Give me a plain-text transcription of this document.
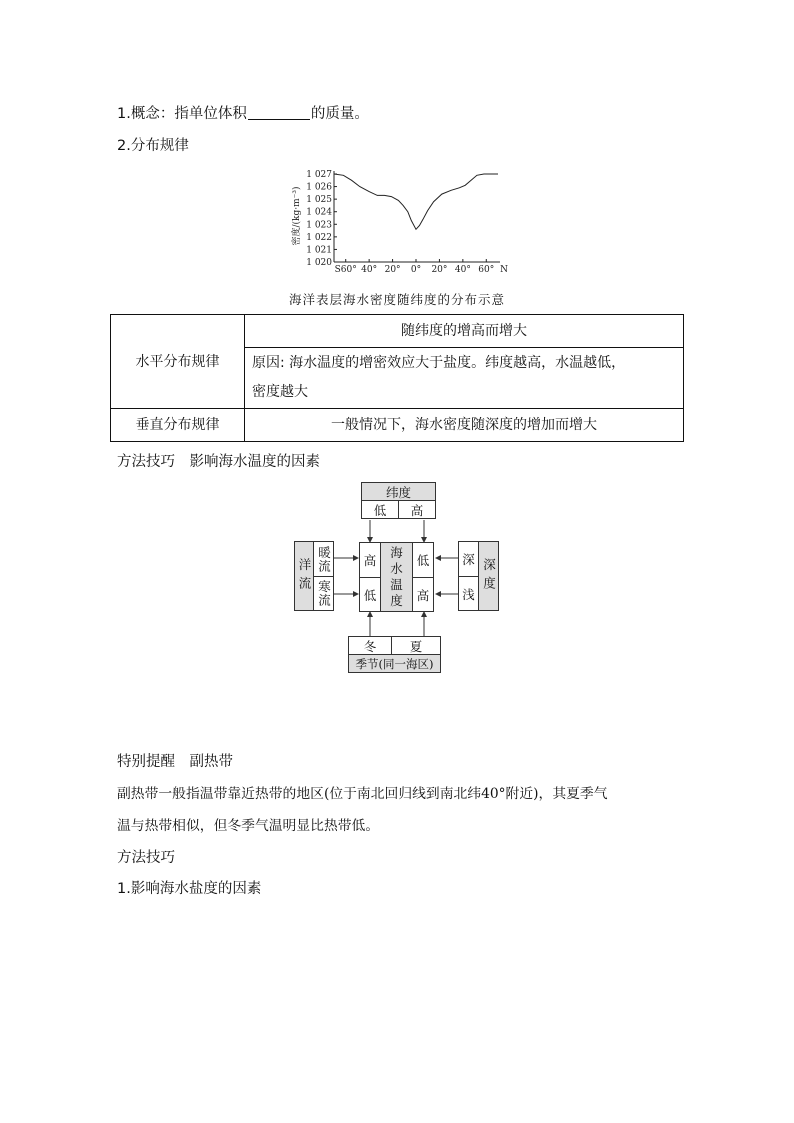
1.概念：指单位体积	的质量。
2.分布规律
1 027
1 026
1 025
1 024
1 023
1 022
1 021
1 020
S60° 40° 20° 0° 20° 40° 60° N
密度/(kg·m⁻³)
海洋表层海水密度随纬度的分布示意
水平分布规律	随纬度的增高而增大
	原因: 海水温度的增密效应大于盐度。纬度越高，水温越低，
密度越大
垂直分布规律	一般情况下，海水密度随深度的增加而增大
方法技巧　影响海水温度的因素
纬度
低	高
洋流 暖流
寒流
高
低
海水温度
低
高
深
浅 深度
冬	夏
季节(同一海区)
特别提醒　副热带
副热带一般指温带靠近热带的地区(位于南北回归线到南北纬40°附近)，其夏季气
温与热带相似，但冬季气温明显比热带低。
方法技巧
1.影响海水盐度的因素
